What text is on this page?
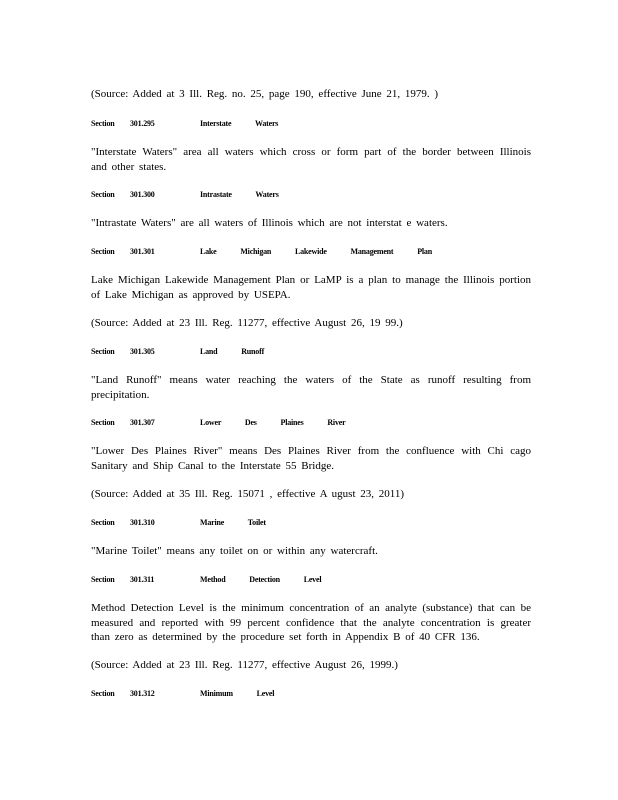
(Source: Added at 3 Ill. Reg. no. 25, page 190, effective June 21, 1979. )

Section 301.295	Interstate Waters

"Interstate Waters" area all waters which cross or form part of the border between Illinois and other states.

Section 301.300	Intrastate Waters

"Intrastate Waters" are all waters of Illinois which are not interstat e waters.

Section 301.301	Lake Michigan Lakewide Management Plan

Lake Michigan Lakewide Management Plan or LaMP is a plan to manage the Illinois portion of Lake Michigan as approved by USEPA.

(Source: Added at 23 Ill. Reg. 11277, effective August 26, 19 99.)

Section 301.305	Land Runoff

"Land Runoff" means water reaching the waters of the State as runoff resulting from precipitation.

Section 301.307	Lower Des Plaines River

"Lower Des Plaines River" means Des Plaines River from the confluence with Chi cago Sanitary and Ship Canal to the Interstate 55 Bridge.

(Source: Added at 35 Ill. Reg. 15071 , effective A ugust 23, 2011)

Section 301.310	Marine Toilet

"Marine Toilet" means any toilet on or within any watercraft.

Section 301.311	Method Detection Level

Method Detection Level is the minimum concentration of an analyte (substance) that can be measured and reported with 99 percent confidence that the analyte concentration is greater than zero as determined by the procedure set forth in Appendix B of 40 CFR 136.

(Source: Added at 23 Ill. Reg. 11277, effective August 26, 1999.)

Section 301.312	Minimum Level
